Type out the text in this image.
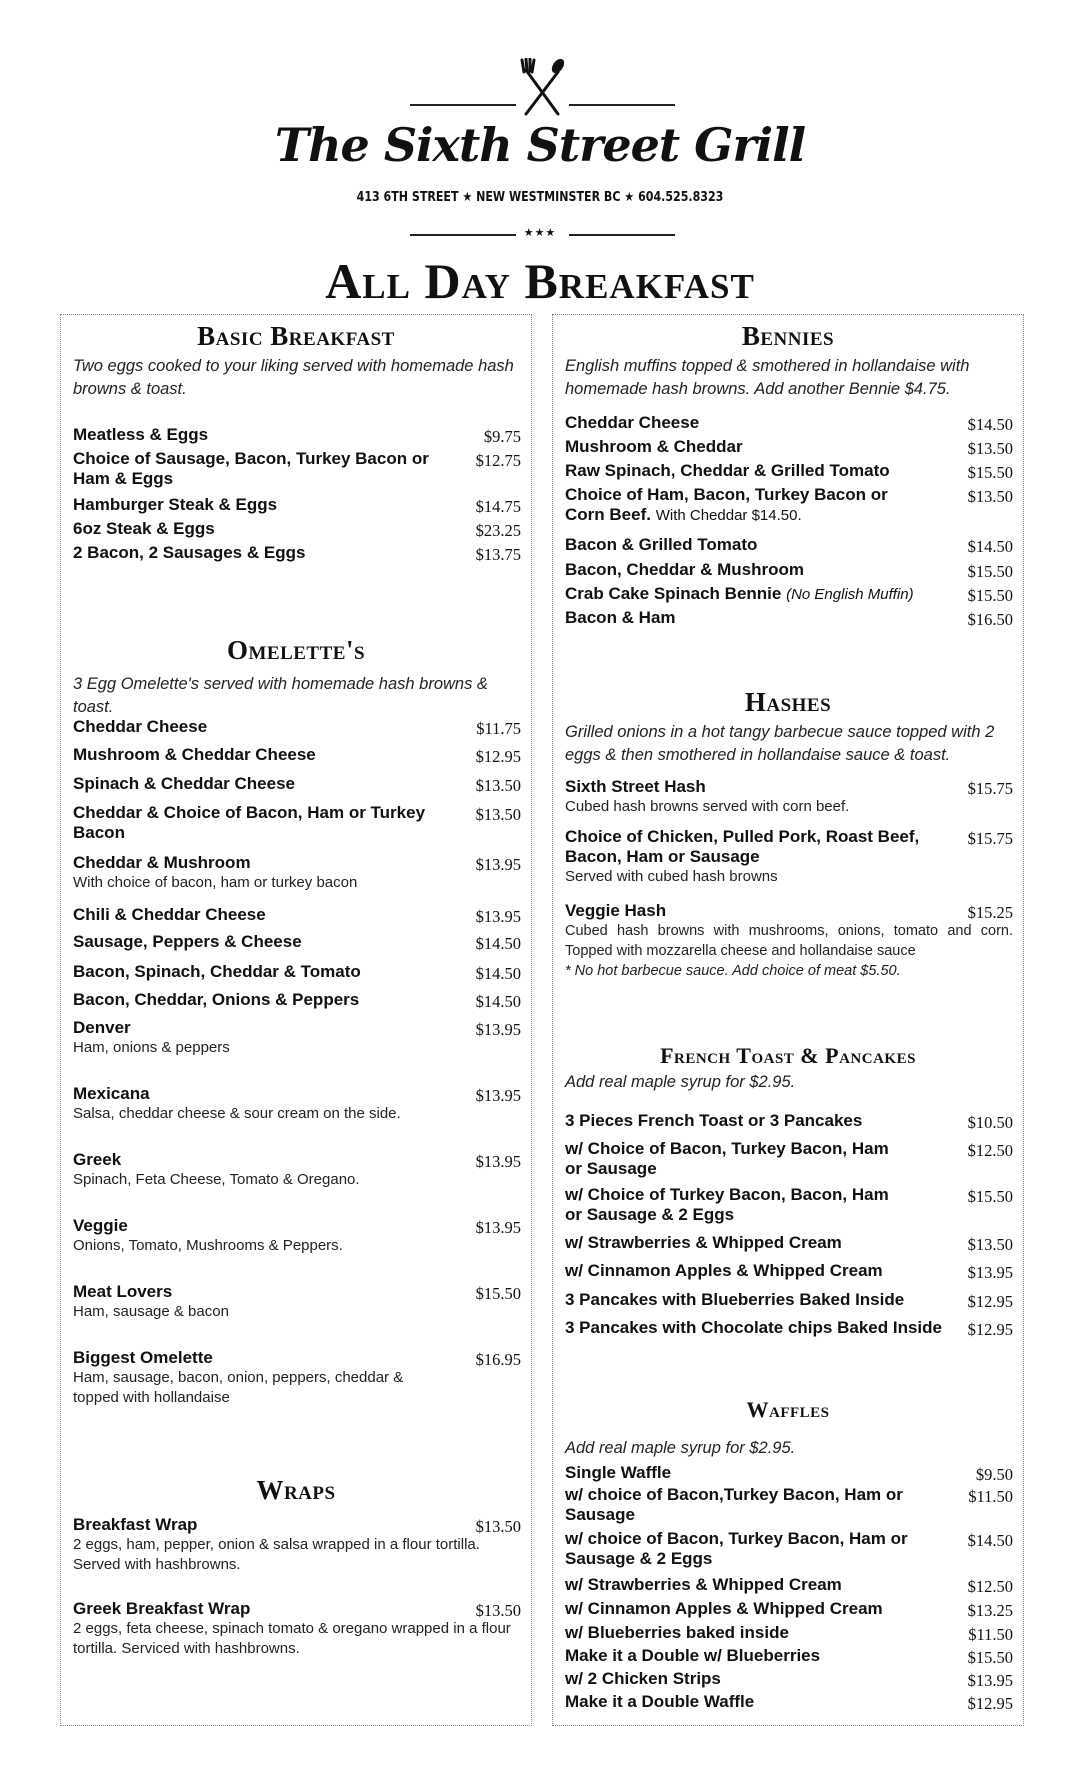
The Sixth Street Grill
413 6TH STREET ★ NEW WESTMINSTER BC ★ 604.525.8323
★★★
All Day Breakfast
Basic Breakfast
Two eggs cooked to your liking served with homemade hash browns & toast.
Meatless & Eggs	$9.75
Choice of Sausage, Bacon, Turkey Bacon or Ham & Eggs
$12.75
Hamburger Steak & Eggs	$14.75
6oz Steak & Eggs	$23.25
2 Bacon, 2 Sausages & Eggs	$13.75
Omelette's
3 Egg Omelette's served with homemade hash browns & toast.
Cheddar Cheese	$11.75
Mushroom & Cheddar Cheese	$12.95
Spinach & Cheddar Cheese	$13.50
Cheddar & Choice of Bacon, Ham or Turkey Bacon
$13.50
Cheddar & Mushroom
With choice of bacon, ham or turkey bacon
$13.95
Chili & Cheddar Cheese	$13.95
Sausage, Peppers & Cheese	$14.50
Bacon, Spinach, Cheddar & Tomato	$14.50
Bacon, Cheddar, Onions & Peppers	$14.50
Denver
Ham, onions & peppers
$13.95
Mexicana
Salsa, cheddar cheese & sour cream on the side.
$13.95
Greek
Spinach, Feta Cheese, Tomato & Oregano.
$13.95
Veggie
Onions, Tomato, Mushrooms & Peppers.
$13.95
Meat Lovers
Ham, sausage & bacon
$15.50
Biggest Omelette
Ham, sausage, bacon, onion, peppers, cheddar & topped with hollandaise
$16.95
Wraps
Breakfast Wrap
2 eggs, ham, pepper, onion & salsa wrapped in a flour tortilla. Served with hashbrowns.
$13.50
Greek Breakfast Wrap
2 eggs, feta cheese, spinach tomato & oregano wrapped in a flour tortilla. Serviced with hashbrowns.
$13.50
Bennies
English muffins topped & smothered in hollandaise with homemade hash browns. Add another Bennie $4.75.
Cheddar Cheese	$14.50
Mushroom & Cheddar	$13.50
Raw Spinach, Cheddar & Grilled Tomato	$15.50
Choice of Ham, Bacon, Turkey Bacon or Corn Beef. With Cheddar $14.50.
$13.50
Bacon & Grilled Tomato	$14.50
Bacon, Cheddar & Mushroom	$15.50
Crab Cake Spinach Bennie (No English Muffin)	$15.50
Bacon & Ham	$16.50
Hashes
Grilled onions in a hot tangy barbecue sauce topped with 2 eggs & then smothered in hollandaise sauce & toast.
Sixth Street Hash
Cubed hash browns served with corn beef.
$15.75
Choice of Chicken, Pulled Pork, Roast Beef, Bacon, Ham or Sausage
Served with cubed hash browns
$15.75
Veggie Hash
Cubed hash browns with mushrooms, onions, tomato and corn. Topped with mozzarella cheese and hollandaise sauce
* No hot barbecue sauce. Add choice of meat $5.50.
$15.25
French Toast & Pancakes
Add real maple syrup for $2.95.
3 Pieces French Toast or 3 Pancakes	$10.50
w/ Choice of Bacon, Turkey Bacon, Ham or Sausage
$12.50
w/ Choice of Turkey Bacon, Bacon, Ham or Sausage & 2 Eggs
$15.50
w/ Strawberries & Whipped Cream	$13.50
w/ Cinnamon Apples & Whipped Cream	$13.95
3 Pancakes with Blueberries Baked Inside	$12.95
3 Pancakes with Chocolate chips Baked Inside	$12.95
Waffles
Add real maple syrup for $2.95.
Single Waffle	$9.50
w/ choice of Bacon,Turkey Bacon, Ham or Sausage
$11.50
w/ choice of Bacon, Turkey Bacon, Ham or Sausage & 2 Eggs
$14.50
w/ Strawberries & Whipped Cream	$12.50
w/ Cinnamon Apples & Whipped Cream	$13.25
w/ Blueberries baked inside	$11.50
Make it a Double w/ Blueberries	$15.50
w/ 2 Chicken Strips	$13.95
Make it a Double Waffle	$12.95
